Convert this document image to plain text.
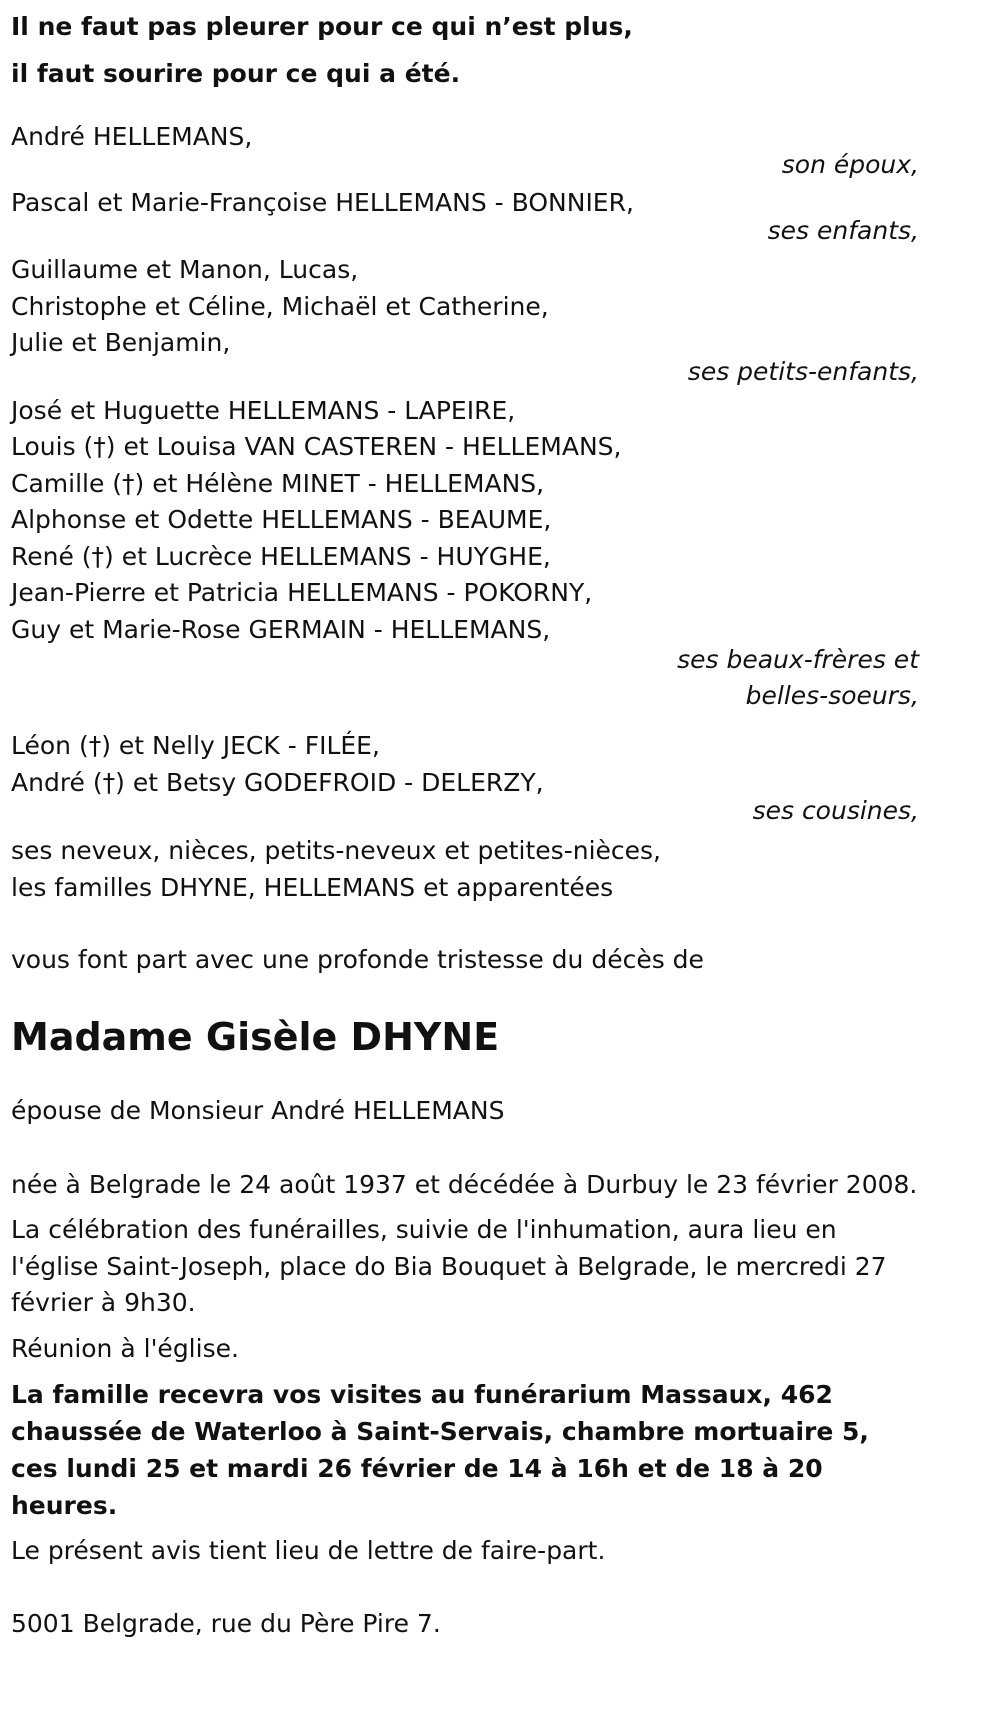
Il ne faut pas pleurer pour ce qui n’est plus,
il faut sourire pour ce qui a été.
André HELLEMANS,
son époux,
Pascal et Marie-Françoise HELLEMANS - BONNIER,
ses enfants,
Guillaume et Manon, Lucas,
Christophe et Céline, Michaël et Catherine,
Julie et Benjamin,
ses petits-enfants,
José et Huguette HELLEMANS - LAPEIRE,
Louis (†) et Louisa VAN CASTEREN - HELLEMANS,
Camille (†) et Hélène MINET - HELLEMANS,
Alphonse et Odette HELLEMANS - BEAUME,
René (†) et Lucrèce HELLEMANS - HUYGHE,
Jean-Pierre et Patricia HELLEMANS - POKORNY,
Guy et Marie-Rose GERMAIN - HELLEMANS,
ses beaux-frères et
belles-soeurs,
Léon (†) et Nelly JECK - FILÉE,
André (†) et Betsy GODEFROID - DELERZY,
ses cousines,
ses neveux, nièces, petits-neveux et petites-nièces,
les familles DHYNE, HELLEMANS et apparentées
vous font part avec une profonde tristesse du décès de
Madame Gisèle DHYNE
épouse de Monsieur André HELLEMANS
née à Belgrade le 24 août 1937 et décédée à Durbuy le 23 février 2008.
La célébration des funérailles, suivie de l'inhumation, aura lieu en l'église Saint-Joseph, place do Bia Bouquet à Belgrade, le mercredi 27 février à 9h30.
Réunion à l'église.
La famille recevra vos visites au funérarium Massaux, 462 chaussée de Waterloo à Saint-Servais, chambre mortuaire 5, ces lundi 25 et mardi 26 février de 14 à 16h et de 18 à 20 heures.
Le présent avis tient lieu de lettre de faire-part.
5001 Belgrade, rue du Père Pire 7.
